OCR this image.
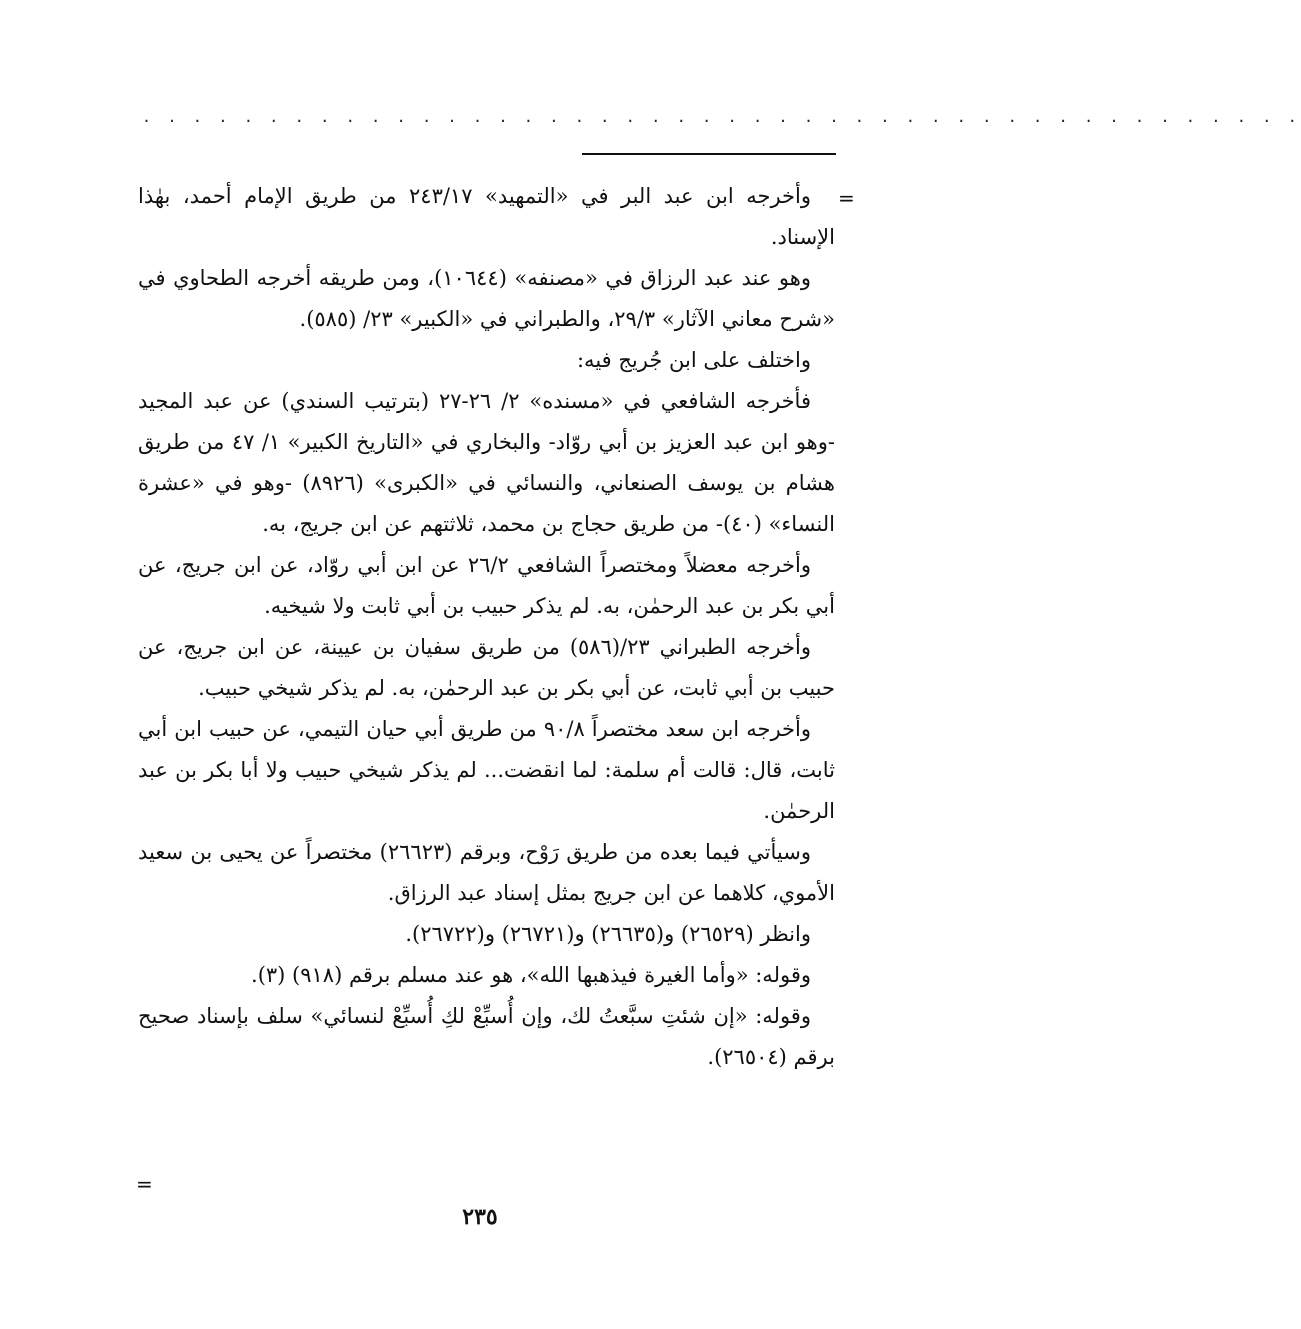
. . . . . . . . . . . . . . . . . . . . . . . . . . . . . . . . . . . . . . . . . . . . . .
=

وأخرجه ابن عبد البر في «التمهيد» ٢٤٣/١٧ من طريق الإمام أحمد، بهٰذا الإسناد.

وهو عند عبد الرزاق في «مصنفه» (١٠٦٤٤)، ومن طريقه أخرجه الطحاوي في «شرح معاني الآثار» ٢٩/٣، والطبراني في «الكبير» ٢٣/ (٥٨٥).

واختلف على ابن جُريج فيه:

فأخرجه الشافعي في «مسنده» ٢/ ٢٦-٢٧ (بترتيب السندي) عن عبد المجيد -وهو ابن عبد العزيز بن أبي روّاد- والبخاري في «التاريخ الكبير» ١/ ٤٧ من طريق هشام بن يوسف الصنعاني، والنسائي في «الكبرى» (٨٩٢٦) -وهو في «عشرة النساء» (٤٠)- من طريق حجاج بن محمد، ثلاثتهم عن ابن جريج، به.

وأخرجه معضلاً ومختصراً الشافعي ٢٦/٢ عن ابن أبي روّاد، عن ابن جريج، عن أبي بكر بن عبد الرحمٰن، به. لم يذكر حبيب بن أبي ثابت ولا شيخيه.

وأخرجه الطبراني ٢٣/(٥٨٦) من طريق سفيان بن عيينة، عن ابن جريج، عن حبيب بن أبي ثابت، عن أبي بكر بن عبد الرحمٰن، به. لم يذكر شيخي حبيب.

وأخرجه ابن سعد مختصراً ٩٠/٨ من طريق أبي حيان التيمي، عن حبيب ابن أبي ثابت، قال: قالت أم سلمة: لما انقضت... لم يذكر شيخي حبيب ولا أبا بكر بن عبد الرحمٰن.

وسيأتي فيما بعده من طريق رَوْح، وبرقم (٢٦٦٢٣) مختصراً عن يحيى بن سعيد الأموي، كلاهما عن ابن جريج بمثل إسناد عبد الرزاق.

وانظر (٢٦٥٢٩) و(٢٦٦٣٥) و(٢٦٧٢١) و(٢٦٧٢٢).

وقوله: «وأما الغيرة فيذهبها الله»، هو عند مسلم برقم (٩١٨) (٣).

وقوله: «إن شئتِ سبَّعتُ لك، وإن أُسبِّعْ لكِ أُسبِّعْ لنسائي» سلف بإسناد صحيح برقم (٢٦٥٠٤).

=
٢٣٥
